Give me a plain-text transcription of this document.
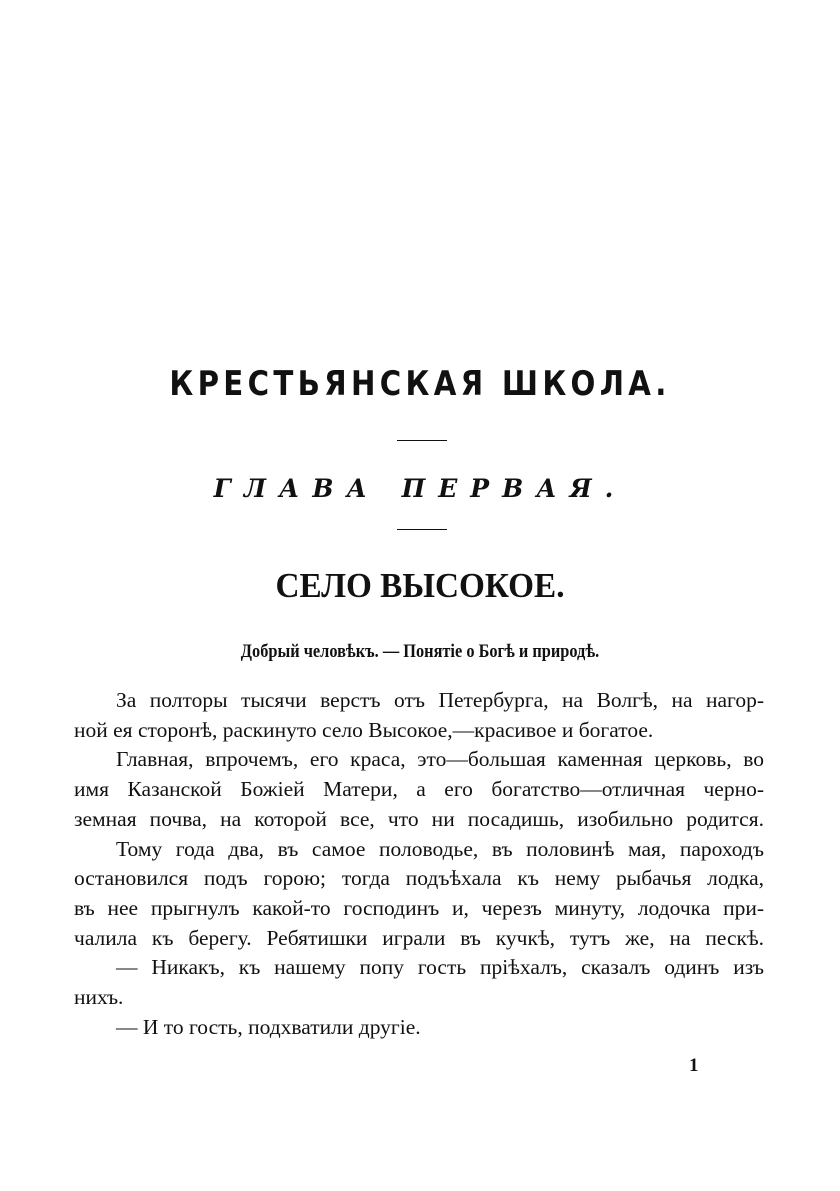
КРЕСТЬЯНСКАЯ ШКОЛА.
ГЛАВА ПЕРВАЯ.
СЕЛО ВЫСОКОЕ.
Добрый человѣкъ. — Понятіе о Богѣ и природѣ.

За полторы тысячи верстъ отъ Петербурга, на Волгѣ, на нагор-
ной ея сторонѣ, раскинуто село Высокое,—красивое и богатое.

Главная, впрочемъ, его краса, это—большая каменная церковь, во
имя Казанской Божіей Матери, а его богатство—отличная черно-
земная почва, на которой все, что ни посадишь, изобильно родится.

Тому года два, въ самое половодье, въ половинѣ мая, пароходъ
остановился подъ горою; тогда подъѣхала къ нему рыбачья лодка,
въ нее прыгнулъ какой-то господинъ и, черезъ минуту, лодочка при-
чалила къ берегу. Ребятишки играли въ кучкѣ, тутъ же, на пескѣ.

— Никакъ, къ нашему попу гость пріѣхалъ, сказалъ одинъ изъ
нихъ.

— И то гость, подхватили другіе.

1
